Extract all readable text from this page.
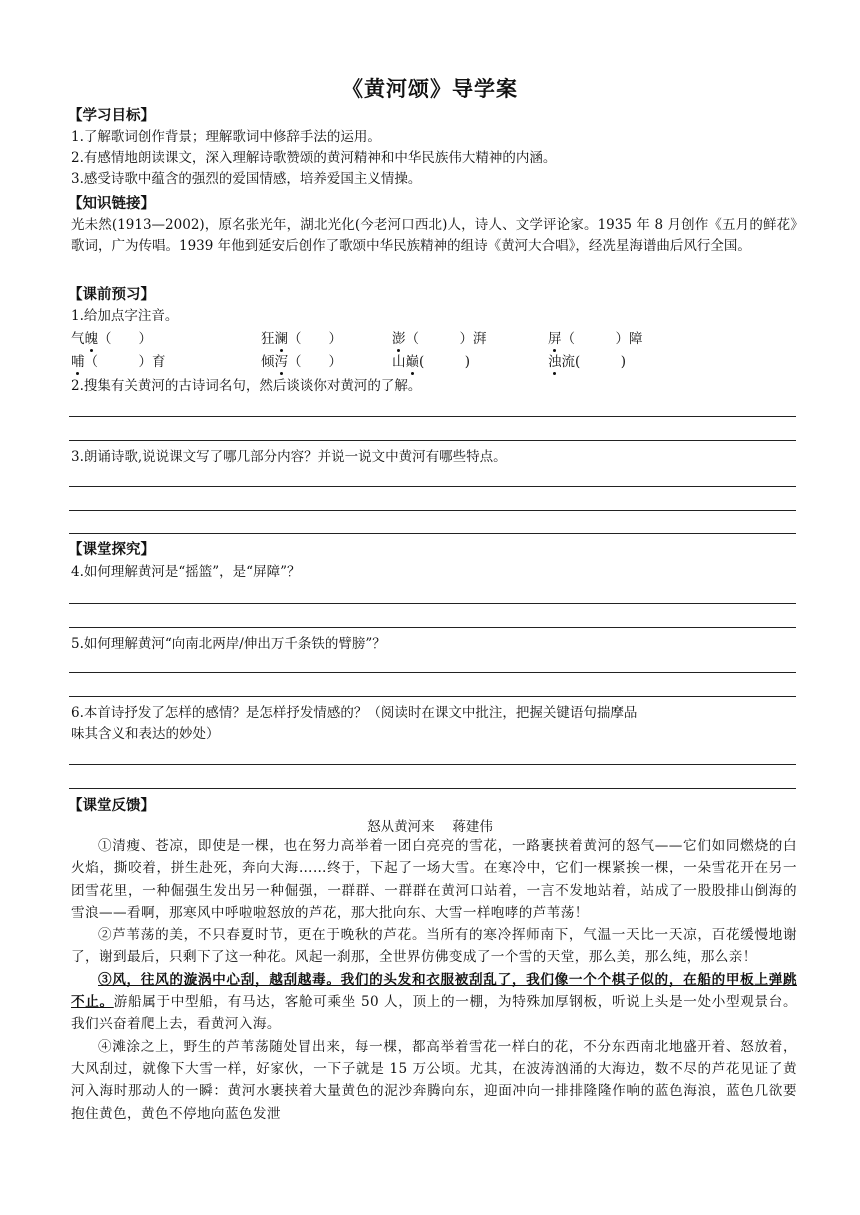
《黄河颂》导学案
【学习目标】
1.了解歌词创作背景；理解歌词中修辞手法的运用。
2.有感情地朗读课文，深入理解诗歌赞颂的黄河精神和中华民族伟大精神的内涵。
3.感受诗歌中蕴含的强烈的爱国情感，培养爱国主义情操。
【知识链接】
光未然(1913—2002)，原名张光年，湖北光化(今老河口西北)人，诗人、文学评论家。1935 年 8 月创作《五月的鲜花》歌词，广为传唱。1939 年他到延安后创作了歌颂中华民族精神的组诗《黄河大合唱》，经冼星海谱曲后风行全国。
【课前预习】
1.给加点字注音。
气魄（　　）	狂澜（　　）	澎（　　　）湃	屏（　　　）障
哺（　　　）育	倾泻（　　）	山巅(　　　)	浊流(　　　)
2.搜集有关黄河的古诗词名句，然后谈谈你对黄河的了解。
3.朗诵诗歌,说说课文写了哪几部分内容？并说一说文中黄河有哪些特点。
【课堂探究】
4.如何理解黄河是“摇篮”，是“屏障”？
5.如何理解黄河“向南北两岸/伸出万千条铁的臂膀”？
6.本首诗抒发了怎样的感情？是怎样抒发情感的？（阅读时在课文中批注，把握关键语句揣摩品
味其含义和表达的妙处）
【课堂反馈】
怒从黄河来　 蒋建伟

①清瘦、苍凉，即使是一棵，也在努力高举着一团白亮亮的雪花，一路裹挟着黄河的怒气——它们如同燃烧的白火焰，撕咬着，拼生赴死，奔向大海……终于，下起了一场大雪。在寒冷中，它们一棵紧挨一棵，一朵雪花开在另一团雪花里，一种倔强生发出另一种倔强，一群群、一群群在黄河口站着，一言不发地站着，站成了一股股排山倒海的雪浪——看啊，那寒风中呼啦啦怒放的芦花，那大批向东、大雪一样咆哮的芦苇荡！

②芦苇荡的美，不只春夏时节，更在于晚秋的芦花。当所有的寒冷挥师南下，气温一天比一天凉，百花缓慢地谢了，谢到最后，只剩下了这一种花。风起一刹那，全世界仿佛变成了一个雪的天堂，那么美，那么纯，那么亲！

③风，往风的漩涡中心刮，越刮越毒。我们的头发和衣服被刮乱了，我们像一个个棋子似的，在船的甲板上弹跳不止。游船属于中型船，有马达，客舱可乘坐 50 人，顶上的一棚，为特殊加厚钢板，听说上头是一处小型观景台。我们兴奋着爬上去，看黄河入海。

④滩涂之上，野生的芦苇荡随处冒出来，每一棵，都高举着雪花一样白的花，不分东西南北地盛开着、怒放着，大风刮过，就像下大雪一样，好家伙，一下子就是 15 万公顷。尤其，在波涛汹涌的大海边，数不尽的芦花见证了黄河入海时那动人的一瞬：黄河水裹挟着大量黄色的泥沙奔腾向东，迎面冲向一排排隆隆作响的蓝色海浪，蓝色几欲要抱住黄色，黄色不停地向蓝色发泄
